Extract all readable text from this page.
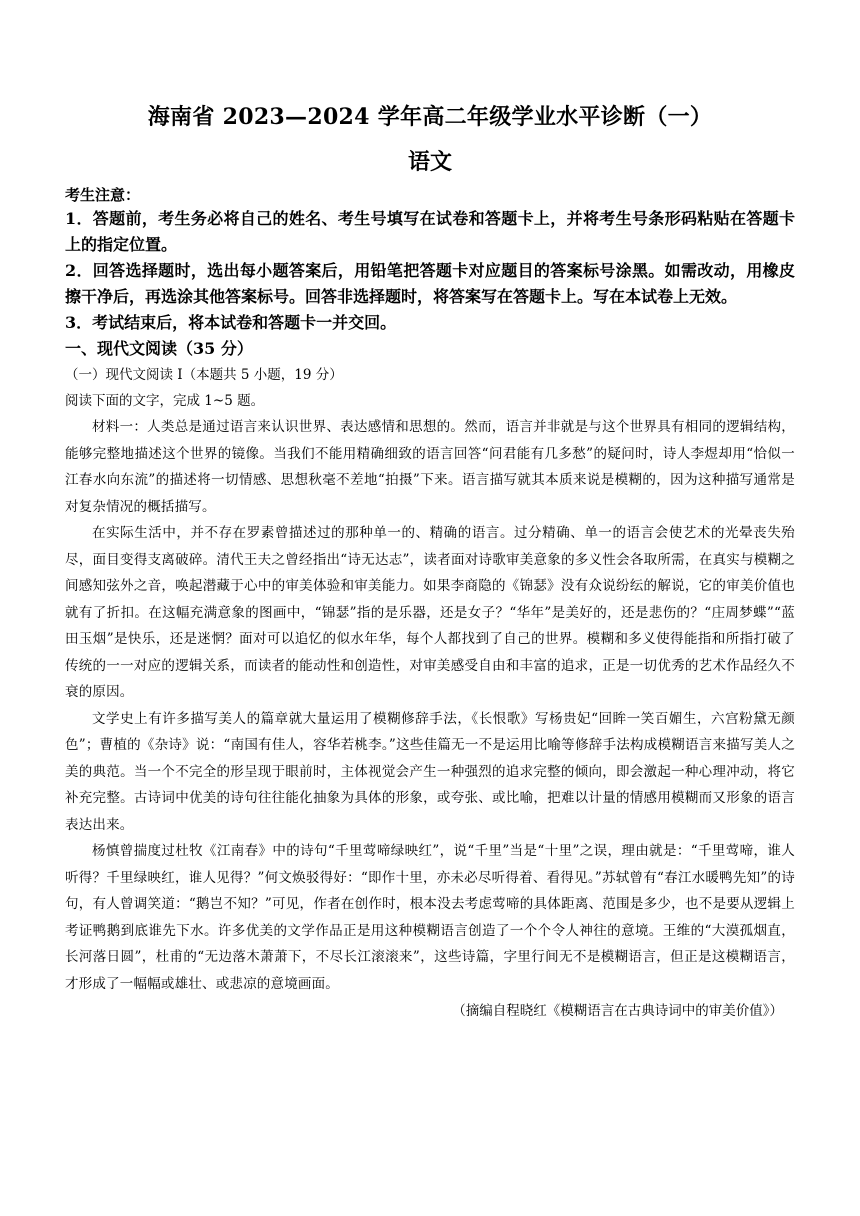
海南省 2023—2024 学年高二年级学业水平诊断（一）
语文

考生注意：

1．答题前，考生务必将自己的姓名、考生号填写在试卷和答题卡上，并将考生号条形码粘贴在答题卡上的指定位置。

2．回答选择题时，选出每小题答案后，用铅笔把答题卡对应题目的答案标号涂黑。如需改动，用橡皮擦干净后，再选涂其他答案标号。回答非选择题时，将答案写在答题卡上。写在本试卷上无效。

3．考试结束后，将本试卷和答题卡一并交回。

一、现代文阅读（35 分）

（一）现代文阅读 I（本题共 5 小题，19 分）

阅读下面的文字，完成 1~5 题。

材料一：人类总是通过语言来认识世界、表达感情和思想的。然而，语言并非就是与这个世界具有相同的逻辑结构，能够完整地描述这个世界的镜像。当我们不能用精确细致的语言回答“问君能有几多愁”的疑问时，诗人李煜却用“恰似一江春水向东流”的描述将一切情感、思想秋毫不差地“拍摄”下来。语言描写就其本质来说是模糊的，因为这种描写通常是对复杂情况的概括描写。

在实际生活中，并不存在罗素曾描述过的那种单一的、精确的语言。过分精确、单一的语言会使艺术的光晕丧失殆尽，面目变得支离破碎。清代王夫之曾经指出“诗无达志”，读者面对诗歌审美意象的多义性会各取所需，在真实与模糊之间感知弦外之音，唤起潜藏于心中的审美体验和审美能力。如果李商隐的《锦瑟》没有众说纷纭的解说，它的审美价值也就有了折扣。在这幅充满意象的图画中，“锦瑟”指的是乐器，还是女子？“华年”是美好的，还是悲伤的？“庄周梦蝶”“蓝田玉烟”是快乐，还是迷惘？面对可以追忆的似水年华，每个人都找到了自己的世界。模糊和多义使得能指和所指打破了传统的一一对应的逻辑关系，而读者的能动性和创造性，对审美感受自由和丰富的追求，正是一切优秀的艺术作品经久不衰的原因。

文学史上有许多描写美人的篇章就大量运用了模糊修辞手法，《长恨歌》写杨贵妃“回眸一笑百媚生，六宫粉黛无颜色”；曹植的《杂诗》说：“南国有佳人，容华若桃李。”这些佳篇无一不是运用比喻等修辞手法构成模糊语言来描写美人之美的典范。当一个不完全的形呈现于眼前时，主体视觉会产生一种强烈的追求完整的倾向，即会激起一种心理冲动，将它补充完整。古诗词中优美的诗句往往能化抽象为具体的形象，或夸张、或比喻，把难以计量的情感用模糊而又形象的语言表达出来。

杨慎曾揣度过杜牧《江南春》中的诗句“千里莺啼绿映红”，说“千里”当是“十里”之误，理由就是：“千里莺啼，谁人听得？千里绿映红，谁人见得？”何文焕驳得好：“即作十里，亦未必尽听得着、看得见。”苏轼曾有“春江水暖鸭先知”的诗句，有人曾调笑道：“鹅岂不知？”可见，作者在创作时，根本没去考虑莺啼的具体距离、范围是多少，也不是要从逻辑上考证鸭鹅到底谁先下水。许多优美的文学作品正是用这种模糊语言创造了一个个令人神往的意境。王维的“大漠孤烟直，长河落日圆”，杜甫的“无边落木萧萧下，不尽长江滚滚来”，这些诗篇，字里行间无不是模糊语言，但正是这模糊语言，才形成了一幅幅或雄壮、或悲凉的意境画面。

（摘编自程晓红《模糊语言在古典诗词中的审美价值》）
